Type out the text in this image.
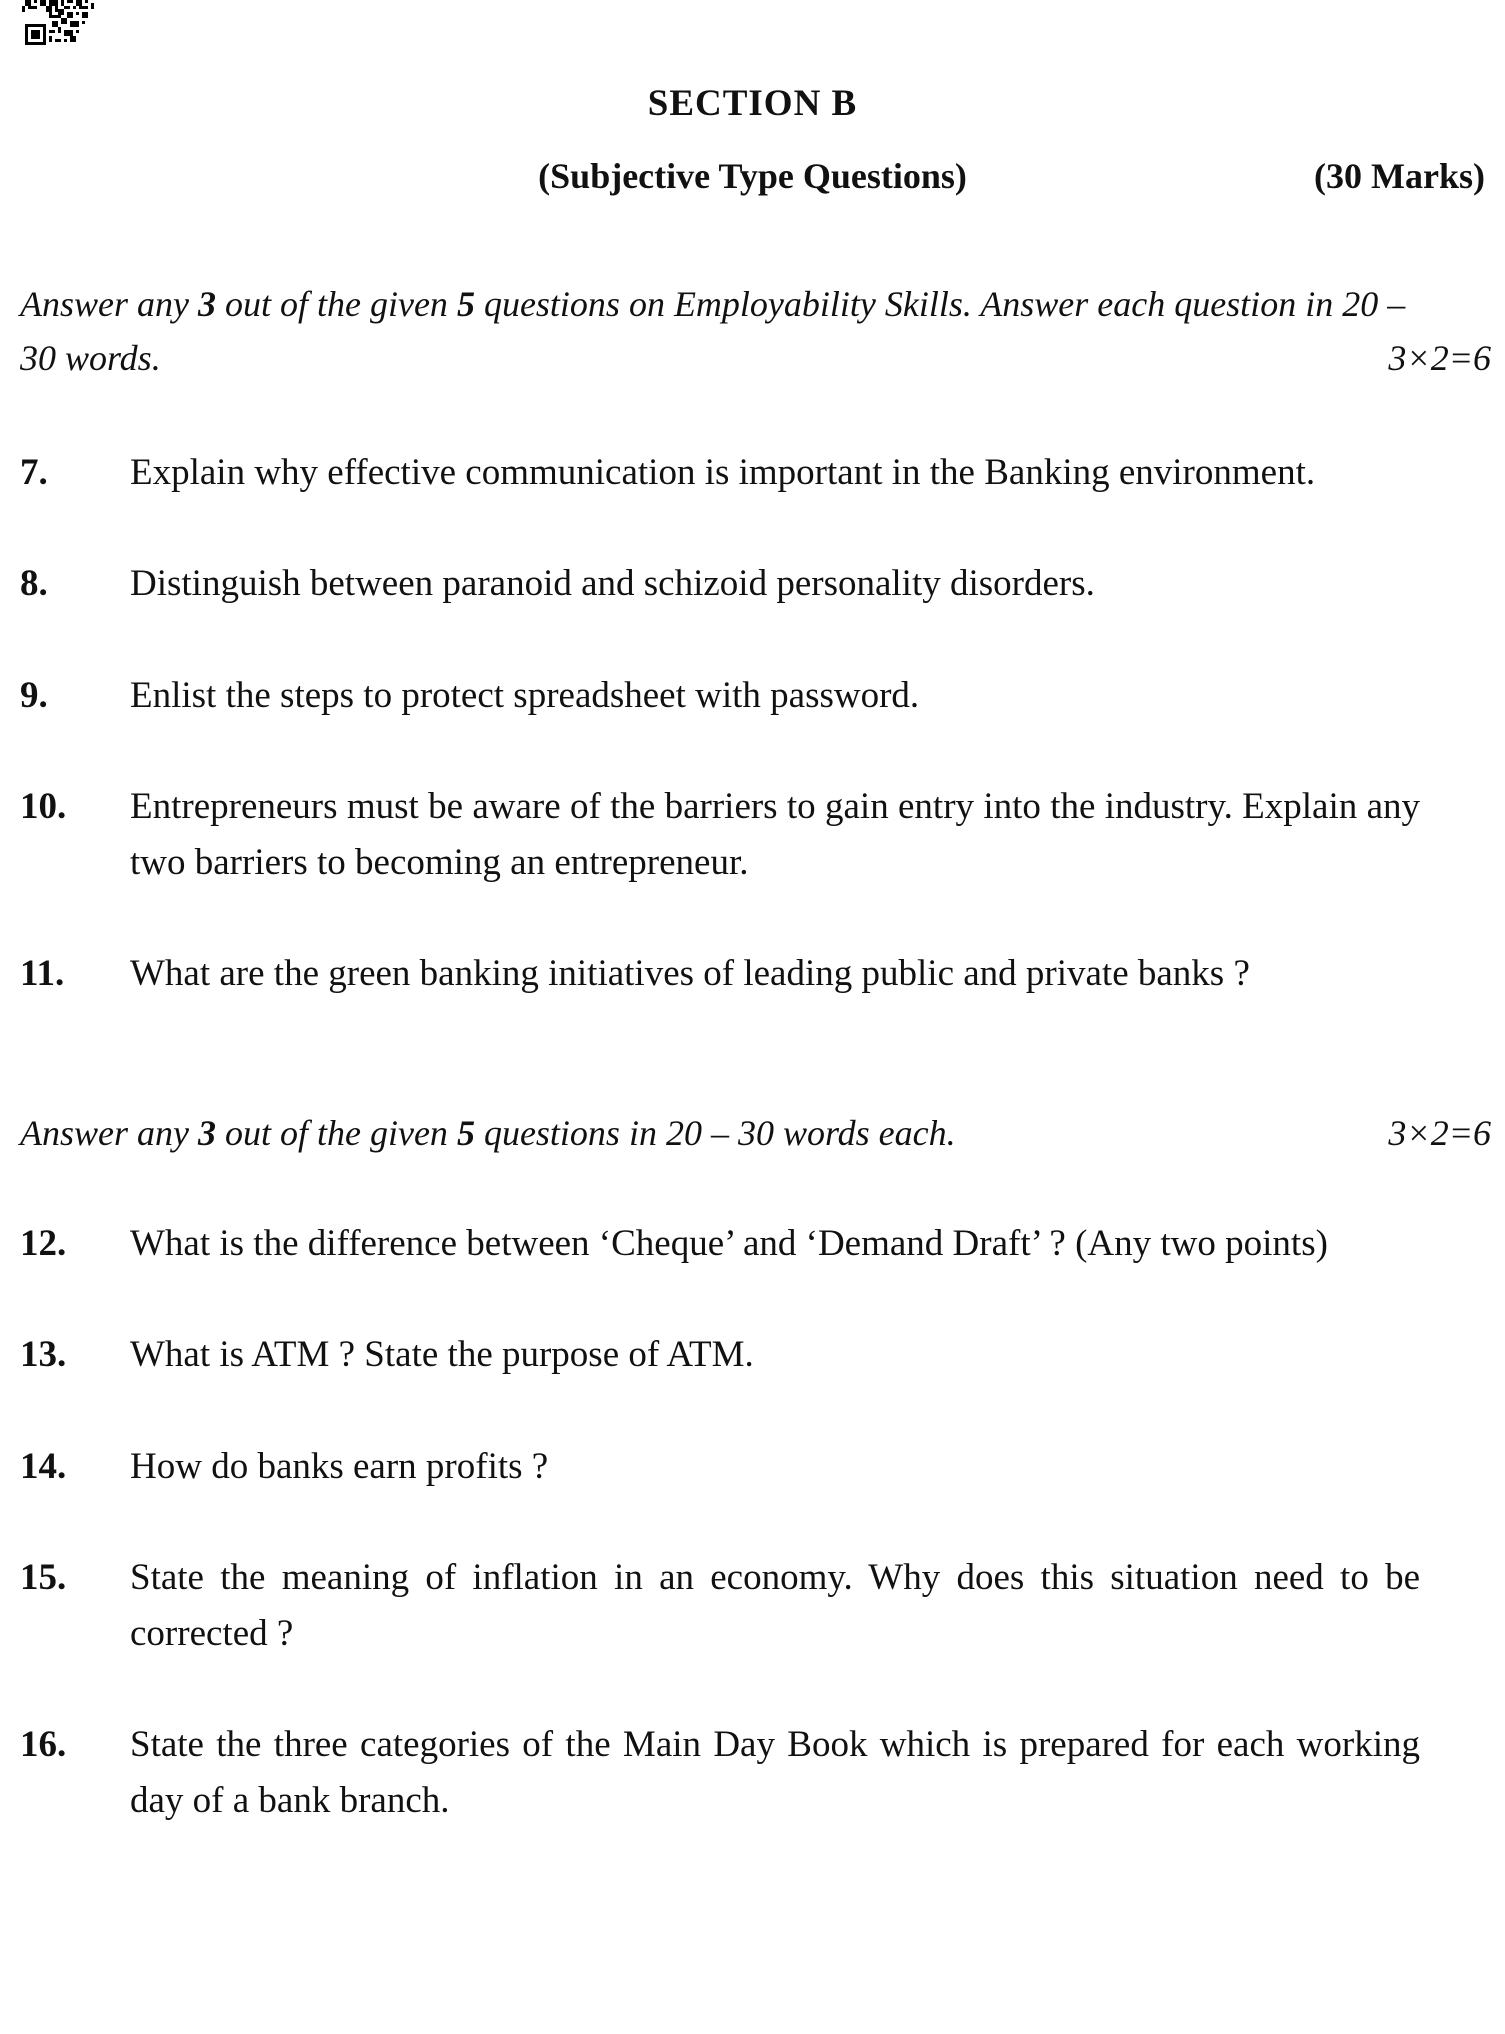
SECTION B
(Subjective Type Questions)	(30 Marks)
Answer any 3 out of the given 5 questions on Employability Skills. Answer each question in 20 – 30 words.	3×2=6
7.	Explain why effective communication is important in the Banking environment.
8.	Distinguish between paranoid and schizoid personality disorders.
9.	Enlist the steps to protect spreadsheet with password.
10.	Entrepreneurs must be aware of the barriers to gain entry into the industry. Explain any two barriers to becoming an entrepreneur.
11.	What are the green banking initiatives of leading public and private banks ?
Answer any 3 out of the given 5 questions in 20 – 30 words each.	3×2=6
12.	What is the difference between ‘Cheque’ and ‘Demand Draft’ ? (Any two points)
13.	What is ATM ? State the purpose of ATM.
14.	How do banks earn profits ?
15.	State the meaning of inflation in an economy. Why does this situation need to be corrected ?
16.	State the three categories of the Main Day Book which is prepared for each working day of a bank branch.
